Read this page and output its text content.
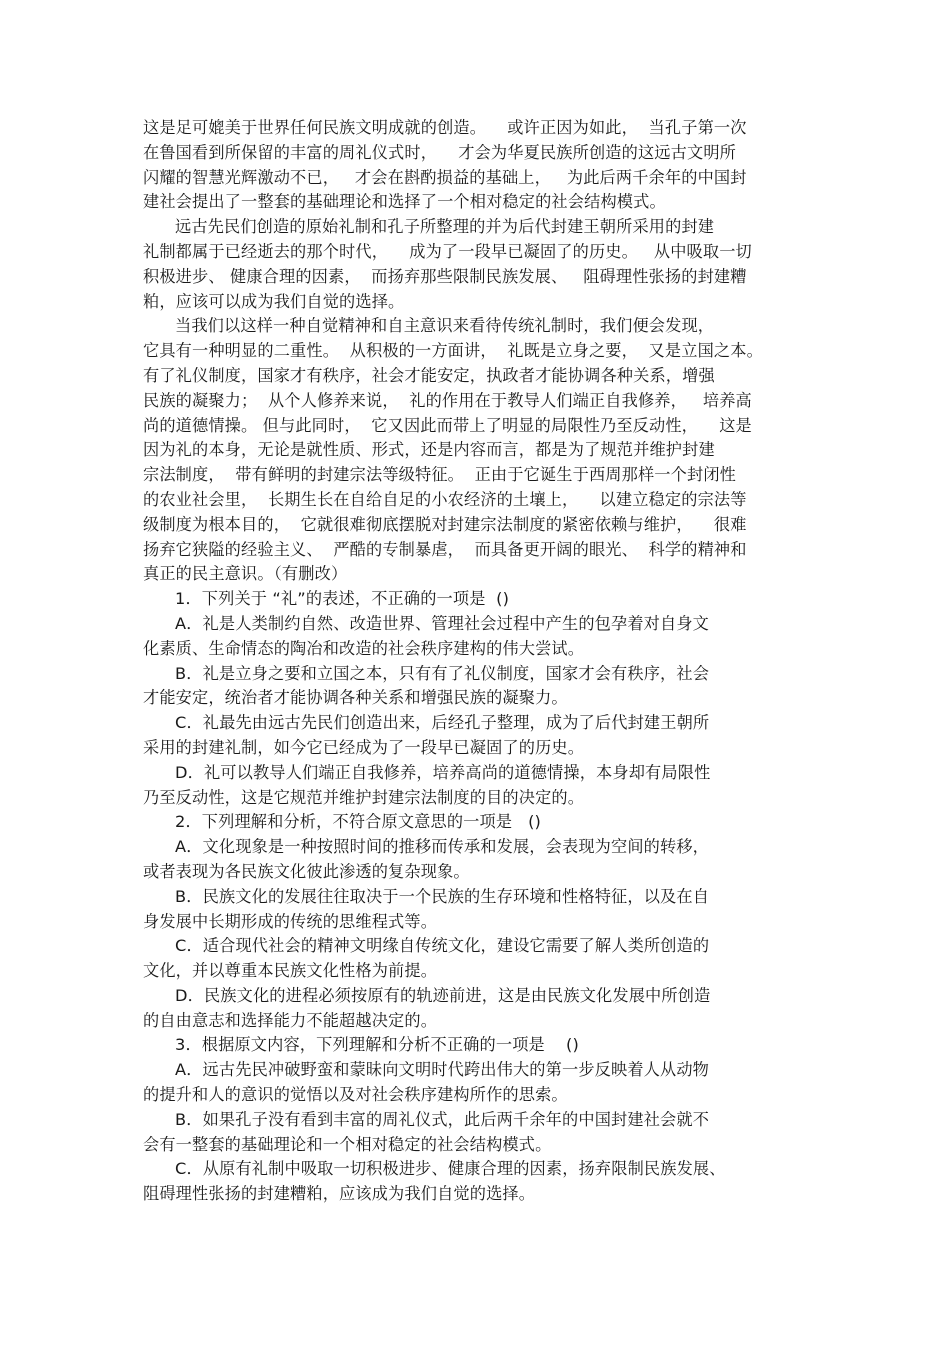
这是足可媲美于世界任何民族文明成就的创造。    或许正因为如此，  当孔子第一次
在鲁国看到所保留的丰富的周礼仪式时，    才会为华夏民族所创造的这远古文明所
闪耀的智慧光辉激动不已，   才会在斟酌损益的基础上，   为此后两千余年的中国封
建社会提出了一整套的基础理论和选择了一个相对稳定的社会结构模式。
远古先民们创造的原始礼制和孔子所整理的并为后代封建王朝所采用的封建
礼制都属于已经逝去的那个时代，    成为了一段早已凝固了的历史。   从中吸取一切
积极进步、 健康合理的因素，  而扬弃那些限制民族发展、   阻碍理性张扬的封建糟
粕，应该可以成为我们自觉的选择。
当我们以这样一种自觉精神和自主意识来看待传统礼制时，我们便会发现，
它具有一种明显的二重性。  从积极的一方面讲，  礼既是立身之要，  又是立国之本。
有了礼仪制度，国家才有秩序，社会才能安定，执政者才能协调各种关系，增强
民族的凝聚力；  从个人修养来说，  礼的作用在于教导人们端正自我修养，   培养高
尚的道德情操。 但与此同时，  它又因此而带上了明显的局限性乃至反动性，    这是
因为礼的本身，无论是就性质、形式，还是内容而言，都是为了规范并维护封建
宗法制度，  带有鲜明的封建宗法等级特征。  正由于它诞生于西周那样一个封闭性
的农业社会里，  长期生长在自给自足的小农经济的土壤上，    以建立稳定的宗法等
级制度为根本目的，  它就很难彻底摆脱对封建宗法制度的紧密依赖与维护，    很难
扬弃它狭隘的经验主义、  严酷的专制暴虐，  而具备更开阔的眼光、  科学的精神和
真正的民主意识。（有删改）
1．下列关于 “礼”的表述，不正确的一项是  ()
A．礼是人类制约自然、改造世界、管理社会过程中产生的包孕着对自身文
化素质、生命情态的陶冶和改造的社会秩序建构的伟大尝试。
B．礼是立身之要和立国之本，只有有了礼仪制度，国家才会有秩序，社会
才能安定，统治者才能协调各种关系和增强民族的凝聚力。
C．礼最先由远古先民们创造出来，后经孔子整理，成为了后代封建王朝所
采用的封建礼制，如今它已经成为了一段早已凝固了的历史。
D．礼可以教导人们端正自我修养，培养高尚的道德情操，本身却有局限性
乃至反动性，这是它规范并维护封建宗法制度的目的决定的。
2．下列理解和分析，不符合原文意思的一项是   ()
A．文化现象是一种按照时间的推移而传承和发展，会表现为空间的转移，
或者表现为各民族文化彼此渗透的复杂现象。
B．民族文化的发展往往取决于一个民族的生存环境和性格特征，以及在自
身发展中长期形成的传统的思维程式等。
C．适合现代社会的精神文明缘自传统文化，建设它需要了解人类所创造的
文化，并以尊重本民族文化性格为前提。
D．民族文化的进程必须按原有的轨迹前进，这是由民族文化发展中所创造
的自由意志和选择能力不能超越决定的。
3．根据原文内容，下列理解和分析不正确的一项是    ()
A．远古先民冲破野蛮和蒙昧向文明时代跨出伟大的第一步反映着人从动物
的提升和人的意识的觉悟以及对社会秩序建构所作的思索。
B．如果孔子没有看到丰富的周礼仪式，此后两千余年的中国封建社会就不
会有一整套的基础理论和一个相对稳定的社会结构模式。
C．从原有礼制中吸取一切积极进步、健康合理的因素，扬弃限制民族发展、
阻碍理性张扬的封建糟粕，应该成为我们自觉的选择。
